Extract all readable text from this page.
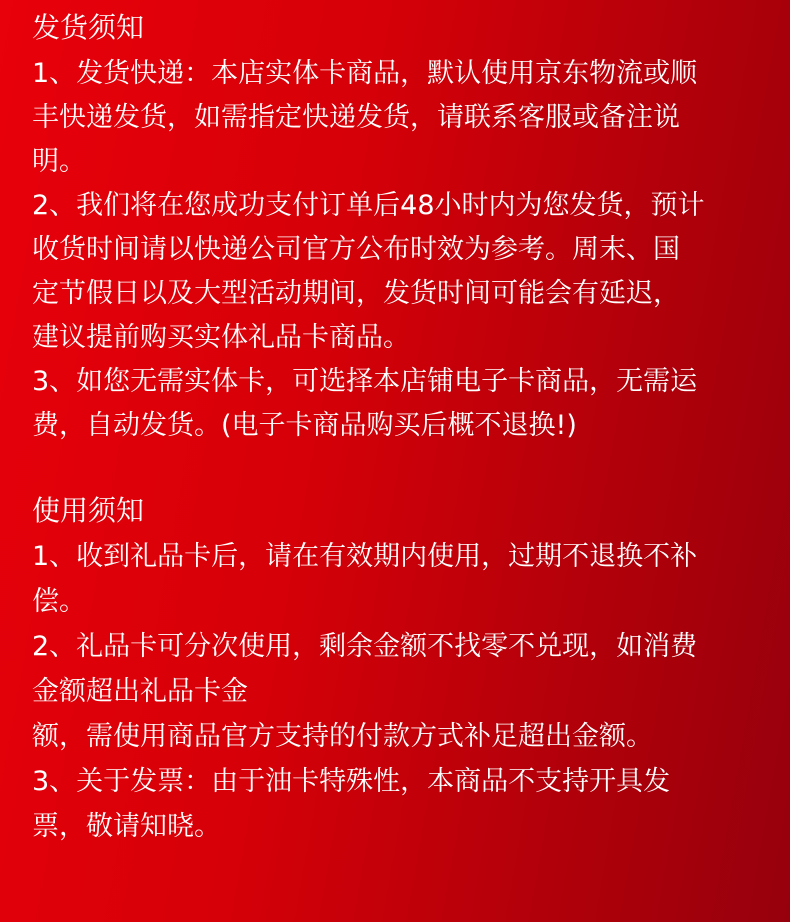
发货须知
1、发货快递：本店实体卡商品，默认使用京东物流或顺
丰快递发货，如需指定快递发货，请联系客服或备注说
明。
2、我们将在您成功支付订单后48小时内为您发货，预计
收货时间请以快递公司官方公布时效为参考。周末、国
定节假日以及大型活动期间，发货时间可能会有延迟，
建议提前购买实体礼品卡商品。
3、如您无需实体卡，可选择本店铺电子卡商品，无需运
费，自动发货。(电子卡商品购买后概不退换!)
使用须知
1、收到礼品卡后，请在有效期内使用，过期不退换不补
偿。
2、礼品卡可分次使用，剩余金额不找零不兑现，如消费
金额超出礼品卡金
额，需使用商品官方支持的付款方式补足超出金额。
3、关于发票：由于油卡特殊性，本商品不支持开具发
票，敬请知晓。
